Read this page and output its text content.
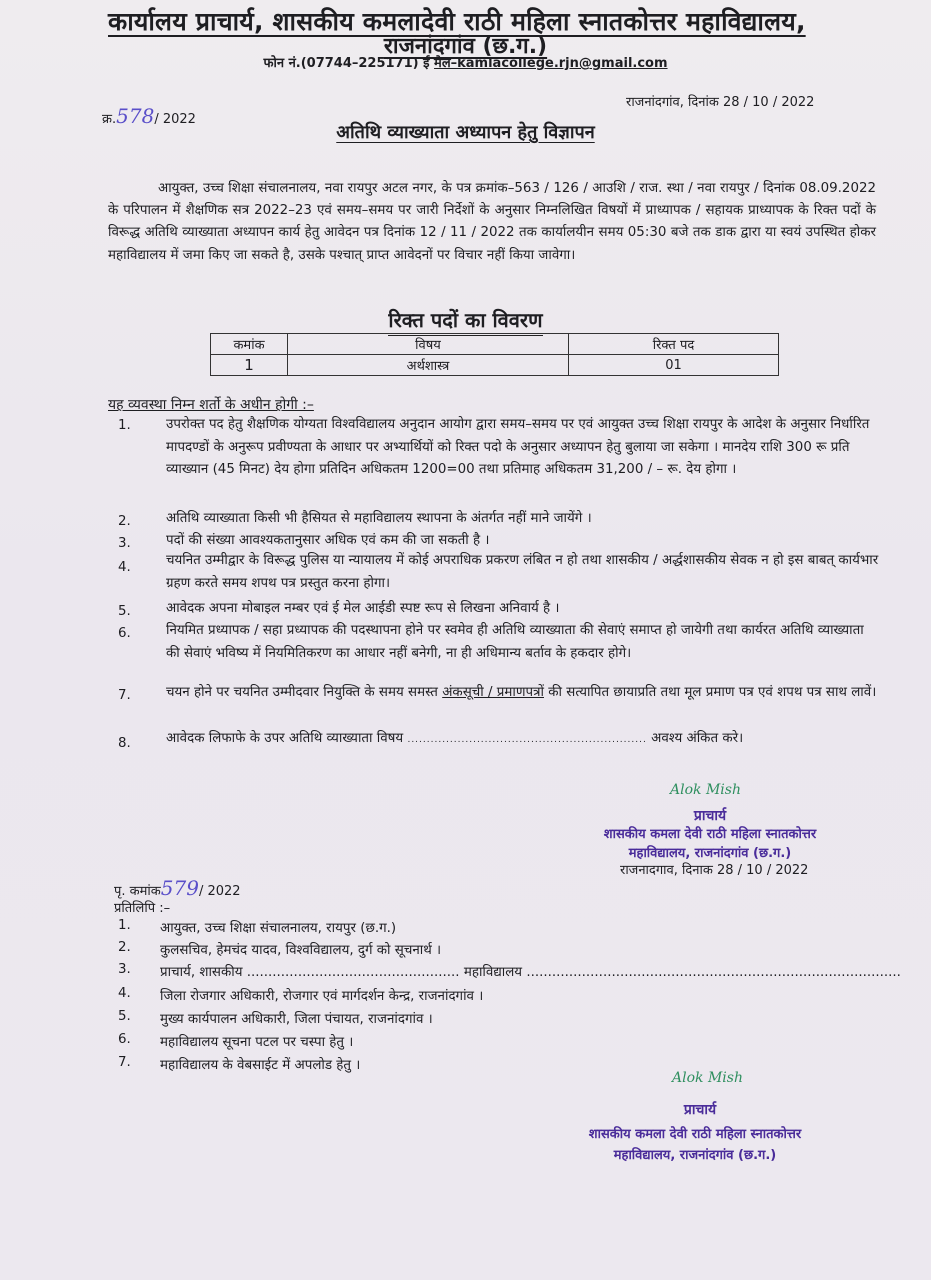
कार्यालय प्राचार्य, शासकीय कमलादेवी राठी महिला स्नातकोत्तर महाविद्यालय,
राजनांदगांव (छ.ग.)
फोन नं.(07744–225171) ई मेल–kamlacollege.rjn@gmail.com
क्र.578/ 2022
राजनांदगांव, दिनांक 28 / 10 / 2022
अतिथि व्याख्याता अध्यापन हेतु विज्ञापन
आयुक्त, उच्च शिक्षा संचालनालय, नवा रायपुर अटल नगर, के पत्र क्रमांक–563 / 126 / आउशि / राज. स्था / नवा रायपुर / दिनांक 08.09.2022 के परिपालन में शैक्षणिक सत्र 2022–23 एवं समय–समय पर जारी निर्देशों के अनुसार निम्नलिखित विषयों में प्राध्यापक / सहायक प्राध्यापक के रिक्त पदों के विरूद्ध अतिथि व्याख्याता अध्यापन कार्य हेतु आवेदन पत्र दिनांक 12 / 11 / 2022 तक कार्यालयीन समय 05:30 बजे तक डाक द्वारा या स्वयं उपस्थित होकर महाविद्यालय में जमा किए जा सकते है, उसके पश्चात् प्राप्त आवेदनों पर विचार नहीं किया जावेगा।
रिक्त पदों का विवरण
कमांक	विषय	रिक्त पद
1	अर्थशास्त्र	01
यह व्यवस्था निम्न शर्तो के अधीन होगी :–
1.	उपरोक्त पद हेतु शैक्षणिक योग्यता विश्वविद्यालय अनुदान आयोग द्वारा समय–समय पर एवं आयुक्त उच्च शिक्षा रायपुर के आदेश के अनुसार निर्धारित मापदण्डों के अनुरूप प्रवीण्यता के आधार पर अभ्यार्थियों को रिक्त पदो के अनुसार अध्यापन हेतु बुलाया जा सकेगा । मानदेय राशि 300 रू प्रति व्याख्यान (45 मिनट) देय होगा प्रतिदिन अधिकतम 1200=00 तथा प्रतिमाह अधिकतम 31,200 / – रू. देय होगा ।
2.	अतिथि व्याख्याता किसी भी हैसियत से महाविद्यालय स्थापना के अंतर्गत नहीं माने जायेंगे ।
3.	पदों की संख्या आवश्यकतानुसार अधिक एवं कम की जा सकती है ।
4.	चयनित उम्मीद्वार के विरूद्ध पुलिस या न्यायालय में कोई अपराधिक प्रकरण लंबित न हो तथा शासकीय / अर्द्धशासकीय सेवक न हो इस बाबत् कार्यभार ग्रहण करते समय शपथ पत्र प्रस्तुत करना होगा।
5.	आवेदक अपना मोबाइल नम्बर एवं ई मेल आईडी स्पष्ट रूप से लिखना अनिवार्य है ।
6.	नियमित प्रध्यापक / सहा प्रध्यापक की पदस्थापना होने पर स्वमेव ही अतिथि व्याख्याता की सेवाएं समाप्त हो जायेगी तथा कार्यरत अतिथि व्याख्याता की सेवाएं भविष्य में नियमितिकरण का आधार नहीं बनेगी, ना ही अधिमान्य बर्ताव के हकदार होगे।
7.	चयन होने पर चयनित उम्मीदवार नियुक्ति के समय समस्त अंकसूची / प्रमाणपत्रों की सत्यापित छायाप्रति तथा मूल प्रमाण पत्र एवं शपथ पत्र साथ लावें।
8.	आवेदक लिफाफे के उपर अतिथि व्याख्याता विषय .............................................................. अवश्य अंकित करे।
Alok Mish
प्राचार्य
शासकीय कमला देवी राठी महिला स्नातकोत्तर
महाविद्यालय, राजनांदगांव (छ.ग.)
राजनादगाव, दिनाक 28 / 10 / 2022
पृ. कमांक579/ 2022
प्रतिलिपि :–
1. आयुक्त, उच्च शिक्षा संचालनालय, रायपुर (छ.ग.)
2. कुलसचिव, हेमचंद यादव, विश्वविद्यालय, दुर्ग को सूचनार्थ ।
3. प्राचार्य, शासकीय .................................................. महाविद्यालय ........................................................................................
4. जिला रोजगार अधिकारी, रोजगार एवं मार्गदर्शन केन्द्र, राजनांदगांव ।
5. मुख्य कार्यपालन अधिकारी, जिला पंचायत, राजनांदगांव ।
6. महाविद्यालय सूचना पटल पर चस्पा हेतु ।
7. महाविद्यालय के वेबसाईट में अपलोड हेतु ।
Alok Mish
प्राचार्य
शासकीय कमला देवी राठी महिला स्नातकोत्तर
महाविद्यालय, राजनांदगांव (छ.ग.)
